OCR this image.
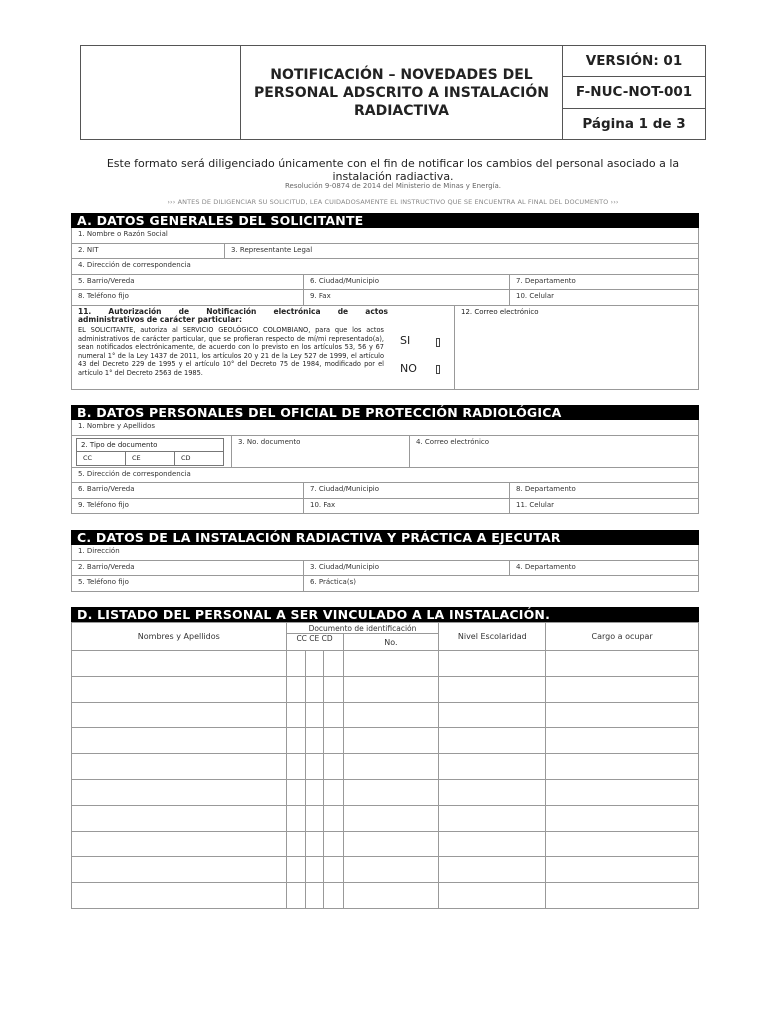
NOTIFICACIÓN – NOVEDADES DEL PERSONAL ADSCRITO A INSTALACIÓN RADIACTIVA
VERSIÓN: 01
F-NUC-NOT-001
Página 1 de 3
Este formato será diligenciado únicamente con el fin de notificar los cambios del personal asociado a la instalación radiactiva.
Resolución 9-0874 de 2014 del Ministerio de Minas y Energía.
››› ANTES DE DILIGENCIAR SU SOLICITUD, LEA CUIDADOSAMENTE EL INSTRUCTIVO QUE SE ENCUENTRA AL FINAL DEL DOCUMENTO ›››
A. DATOS GENERALES DEL SOLICITANTE
1. Nombre o Razón Social
2. NIT	3. Representante Legal
4. Dirección de correspondencia
5. Barrio/Vereda	6. Ciudad/Municipio	7. Departamento
8. Teléfono fijo	9. Fax	10. Celular
11. Autorización de Notificación electrónica de actos
administrativos de carácter particular:
EL SOLICITANTE, autoriza al SERVICIO GEOLÓGICO COLOMBIANO, para que los actos administrativos de carácter particular, que se profieran respecto de mí/mi representado(a), sean notificados electrónicamente, de acuerdo con lo previsto en los artículos 53, 56 y 67 numeral 1° de la Ley 1437 de 2011, los artículos 20 y 21 de la Ley 527 de 1999, el artículo 43 del Decreto 229 de 1995 y el artículo 10° del Decreto 75 de 1984, modificado por el artículo 1° del Decreto 2563 de 1985.
SI
NO
12. Correo electrónico
B. DATOS PERSONALES DEL OFICIAL DE PROTECCIÓN RADIOLÓGICA
1. Nombre y Apellidos
2. Tipo de documento
CC	CE	CD
3. No. documento	4. Correo electrónico
5. Dirección de correspondencia
6. Barrio/Vereda	7. Ciudad/Municipio	8. Departamento
9. Teléfono fijo	10. Fax	11. Celular
C. DATOS DE LA INSTALACIÓN RADIACTIVA Y PRÁCTICA A EJECUTAR
1. Dirección
2. Barrio/Vereda	3. Ciudad/Municipio	4. Departamento
5. Teléfono fijo	6. Práctica(s)
D. LISTADO DEL PERSONAL A SER VINCULADO A LA INSTALACIÓN.
Nombres y Apellidos	Documento de identificación				Nivel Escolaridad	Cargo a ocupar
	CC CE CD			No.		
